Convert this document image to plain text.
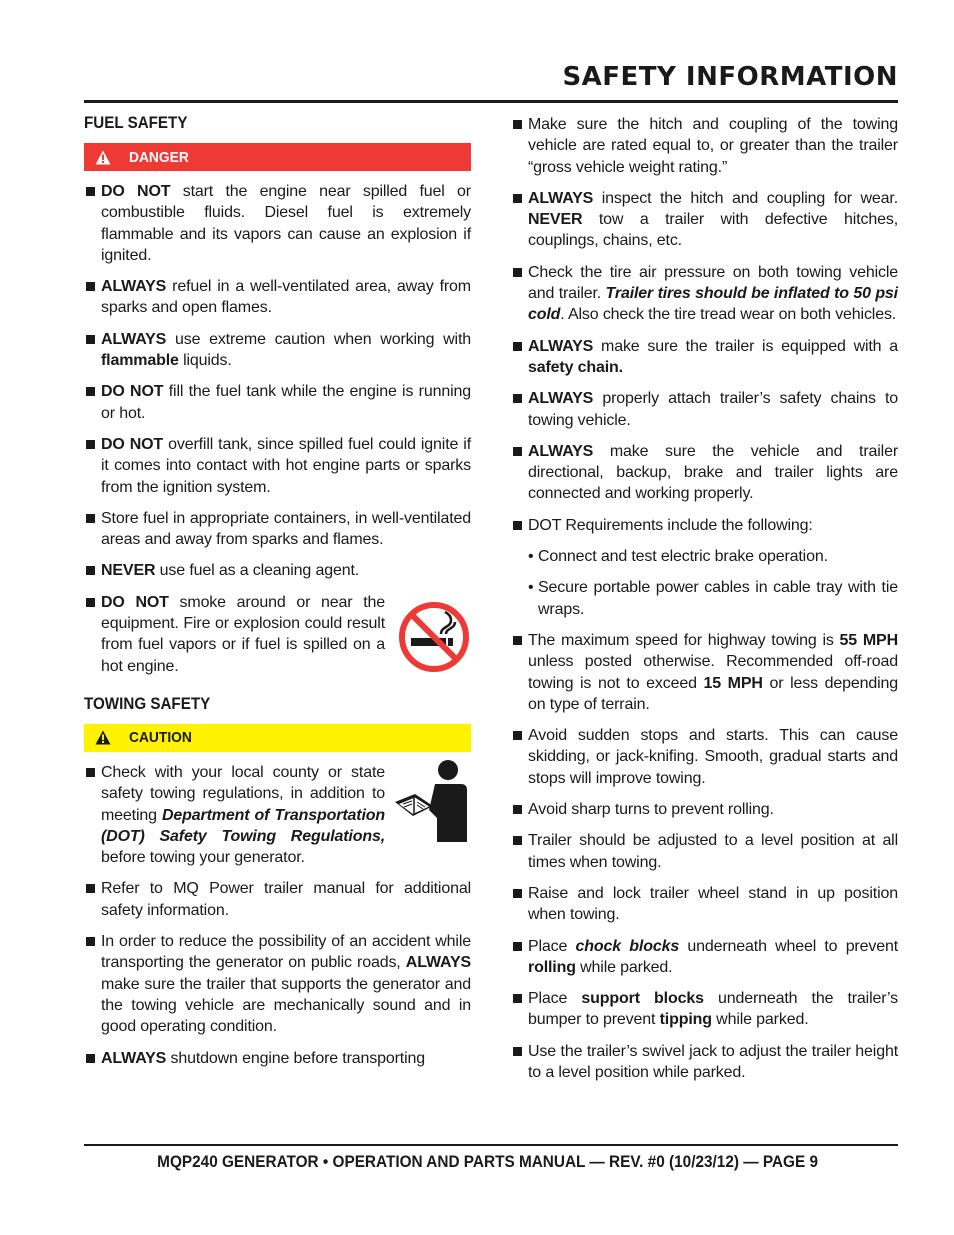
SAFETY INFORMATION
FUEL SAFETY
DANGER
DO NOT start the engine near spilled fuel or combustible fluids. Diesel fuel is extremely flammable and its vapors can cause an explosion if ignited.
ALWAYS refuel in a well-ventilated area, away from sparks and open flames.
ALWAYS use extreme caution when working with flammable liquids.
DO NOT fill the fuel tank while the engine is running or hot.
DO NOT overfill tank, since spilled fuel could ignite if it comes into contact with hot engine parts or sparks from the ignition system.
Store fuel in appropriate containers, in well-ventilated areas and away from sparks and flames.
NEVER use fuel as a cleaning agent.
DO NOT smoke around or near the equipment. Fire or explosion could result from fuel vapors or if fuel is spilled on a hot engine.
TOWING SAFETY
CAUTION
Check with your local county or state safety towing regulations, in addition to meeting Department of Transportation (DOT) Safety Towing Regulations, before towing your generator.
Refer to MQ Power trailer manual for additional safety information.
In order to reduce the possibility of an accident while transporting the generator on public roads, ALWAYS make sure the trailer that supports the generator and the towing vehicle are mechanically sound and in good operating condition.
ALWAYS shutdown engine before transporting
Make sure the hitch and coupling of the towing vehicle are rated equal to, or greater than the trailer “gross vehicle weight rating.”
ALWAYS inspect the hitch and coupling for wear. NEVER tow a trailer with defective hitches, couplings, chains, etc.
Check the tire air pressure on both towing vehicle and trailer. Trailer tires should be inflated to 50 psi cold. Also check the tire tread wear on both vehicles.
ALWAYS make sure the trailer is equipped with a safety chain.
ALWAYS properly attach trailer’s safety chains to towing vehicle.
ALWAYS make sure the vehicle and trailer directional, backup, brake and trailer lights are connected and working properly.
DOT Requirements include the following:
• Connect and test electric brake operation.
• Secure portable power cables in cable tray with tie wraps.
The maximum speed for highway towing is 55 MPH unless posted otherwise. Recommended off-road towing is not to exceed 15 MPH or less depending on type of terrain.
Avoid sudden stops and starts. This can cause skidding, or jack-knifing. Smooth, gradual starts and stops will improve towing.
Avoid sharp turns to prevent rolling.
Trailer should be adjusted to a level position at all times when towing.
Raise and lock trailer wheel stand in up position when towing.
Place chock blocks underneath wheel to prevent rolling while parked.
Place support blocks underneath the trailer’s bumper to prevent tipping while parked.
Use the trailer’s swivel jack to adjust the trailer height to a level position while parked.
MQP240 GENERATOR • OPERATION AND PARTS MANUAL — REV. #0 (10/23/12) — PAGE 9
